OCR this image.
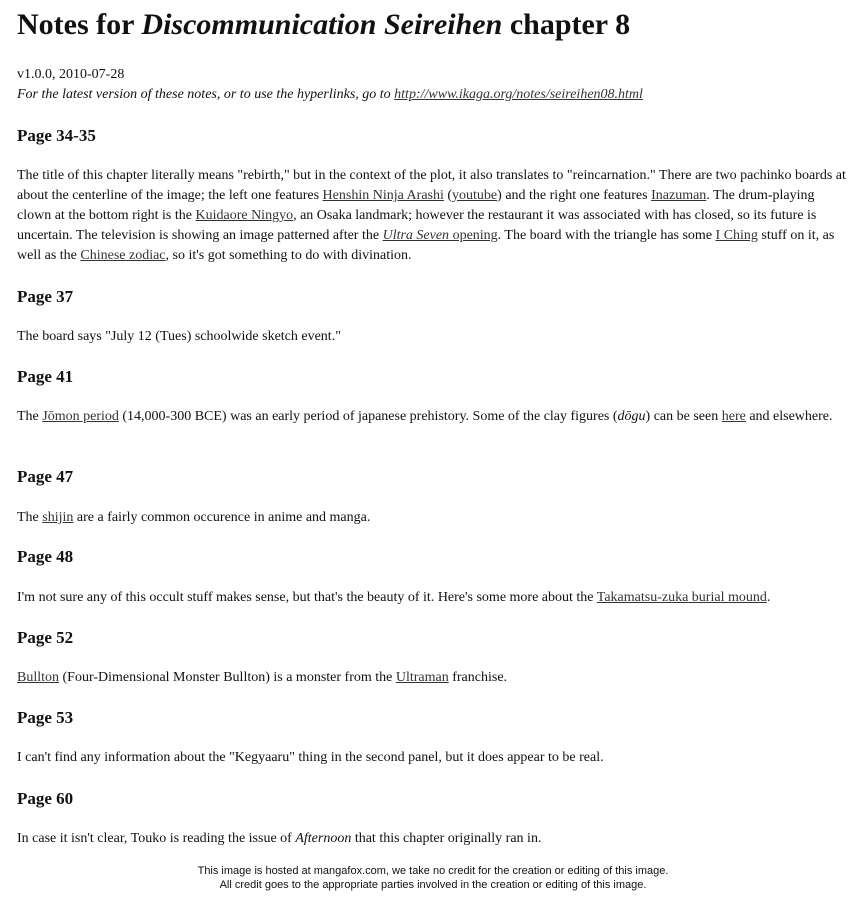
Notes for Discommunication Seireihen chapter 8
v1.0.0, 2010-07-28
For the latest version of these notes, or to use the hyperlinks, go to http://www.ikaga.org/notes/seireihen08.html
Page 34-35

The title of this chapter literally means "rebirth," but in the context of the plot, it also translates to "reincarnation." There are two pachinko boards at about the centerline of the image; the left one features Henshin Ninja Arashi (youtube) and the right one features Inazuman. The drum-playing clown at the bottom right is the Kuidaore Ningyo, an Osaka landmark; however the restaurant it was associated with has closed, so its future is uncertain. The television is showing an image patterned after the Ultra Seven opening. The board with the triangle has some I Ching stuff on it, as well as the Chinese zodiac, so it's got something to do with divination.

Page 37

The board says "July 12 (Tues) schoolwide sketch event."

Page 41

The Jōmon period (14,000-300 BCE) was an early period of japanese prehistory. Some of the clay figures (dōgu) can be seen here and elsewhere.

Page 47

The shijin are a fairly common occurence in anime and manga.

Page 48

I'm not sure any of this occult stuff makes sense, but that's the beauty of it. Here's some more about the Takamatsu-zuka burial mound.

Page 52

Bullton (Four-Dimensional Monster Bullton) is a monster from the Ultraman franchise.

Page 53

I can't find any information about the "Kegyaaru" thing in the second panel, but it does appear to be real.

Page 60

In case it isn't clear, Touko is reading the issue of Afternoon that this chapter originally ran in.

This image is hosted at mangafox.com, we take no credit for the creation or editing of this image.
All credit goes to the appropriate parties involved in the creation or editing of this image.
